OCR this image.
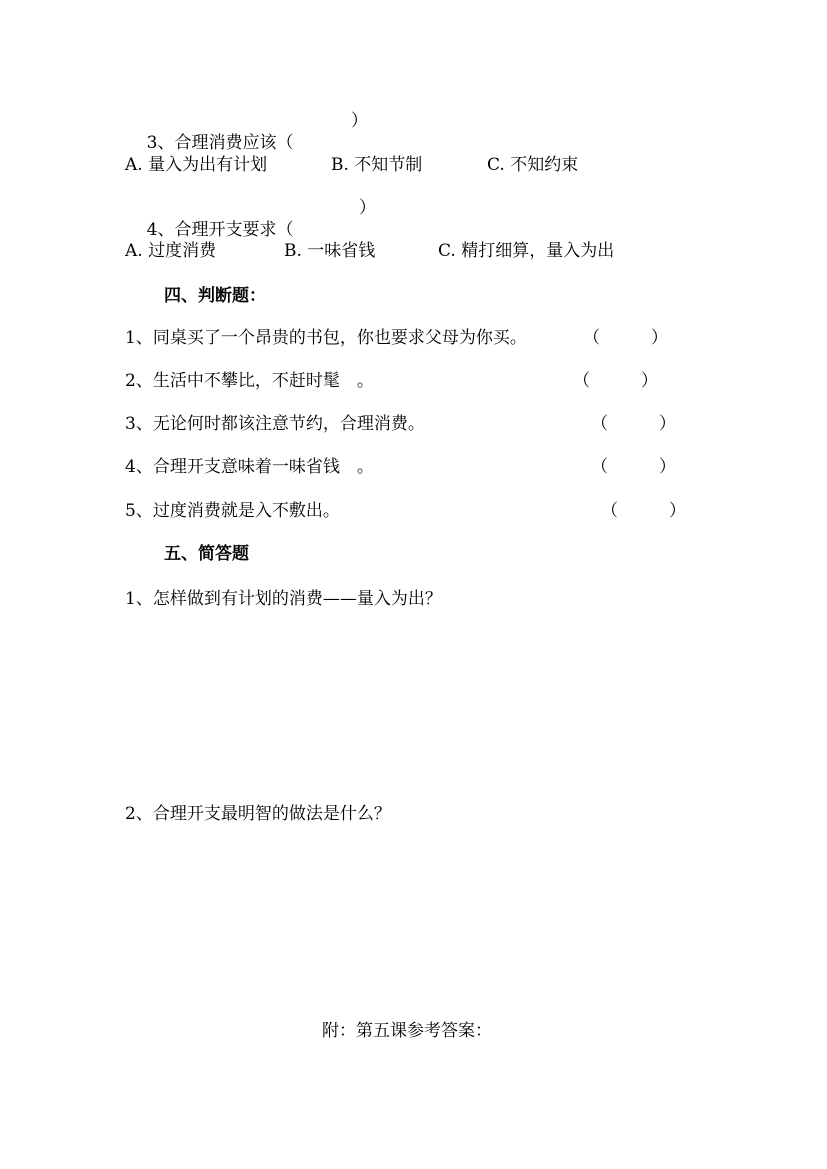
3、合理消费应该（

）
A. 量入为出有计划	B. 不知节制	C. 不知约束

4、合理开支要求（

）
A. 过度消费	B. 一味省钱	C. 精打细算，量入为出
四、判断题：
1、同桌买了一个昂贵的书包，你也要求父母为你买。	（　　　）
2、生活中不攀比，不赶时髦　。	（　　　）
3、无论何时都该注意节约，合理消费。	（　　　）
4、合理开支意味着一味省钱　。	（　　　）
5、过度消费就是入不敷出。	（　　　）
五、简答题
1、怎样做到有计划的消费——量入为出？
2、合理开支最明智的做法是什么？
附：第五课参考答案：
